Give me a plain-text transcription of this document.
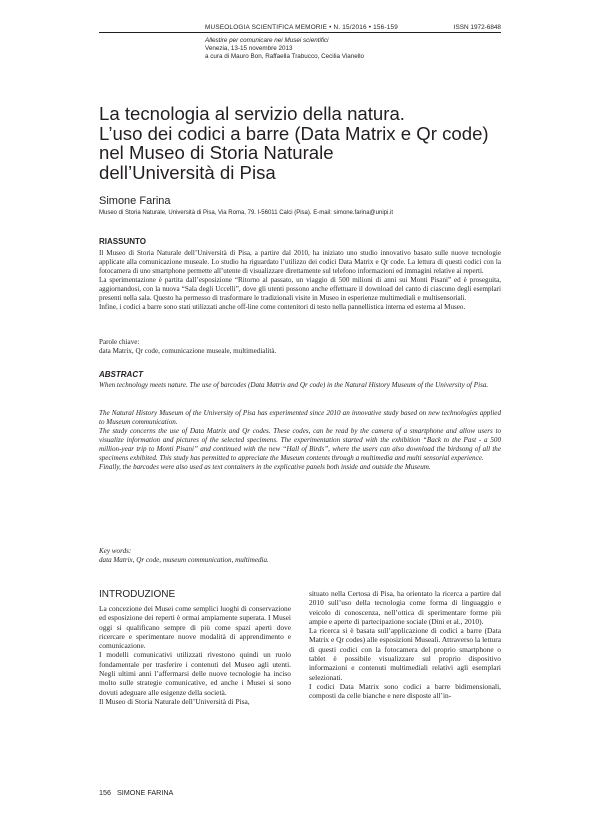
MUSEOLOGIA SCIENTIFICA MEMORIE • N. 15/2016 • 156-159	ISSN 1972-6848
Allestire per comunicare nei Musei scientifici
Venezia, 13-15 novembre 2013
a cura di Mauro Bon, Raffaella Trabucco, Cecilia Vianello
La tecnologia al servizio della natura.
L’uso dei codici a barre (Data Matrix e Qr code)
nel Museo di Storia Naturale
dell’Università di Pisa
Simone Farina
Museo di Storia Naturale, Università di Pisa, Via Roma, 79. I-56011 Calci (Pisa). E-mail: simone.farina@unipi.it
RIASSUNTO

Il Museo di Storia Naturale dell’Università di Pisa, a partire dal 2010, ha iniziato uno studio innovativo basato sulle nuove tecnologie applicate alla comunicazione museale. Lo studio ha riguardato l’utilizzo dei codici Data Matrix e Qr code. La lettura di questi codici con la fotocamera di uno smartphone permette all’utente di visualizzare direttamente sul telefono informazioni ed immagini relative ai reperti.

La sperimentazione è partita dall’esposizione “Ritorno al passato, un viaggio di 500 milioni di anni sui Monti Pisani” ed è proseguita, aggiornandosi, con la nuova “Sala degli Uccelli”, dove gli utenti possono anche effettuare il download del canto di ciascuno degli esemplari presenti nella sala. Questo ha permesso di trasformare le tradizionali visite in Museo in esperienze multimediali e multisensoriali.

Infine, i codici a barre sono stati utilizzati anche off-line come contenitori di testo nella pannellistica interna ed esterna al Museo.

Parole chiave:

data Matrix, Qr code, comunicazione museale, multimedialità.

ABSTRACT

When technology meets nature. The use of barcodes (Data Matrix and Qr code) in the Natural History Museum of the University of Pisa.

The Natural History Museum of the University of Pisa has experimented since 2010 an innovative study based on new technologies applied to Museum communication.

The study concerns the use of Data Matrix and Qr codes. These codes, can be read by the camera of a smartphone and allow users to visualize information and pictures of the selected specimens. The experimentation started with the exhibition “Back to the Past - a 500 million-year trip to Monti Pisani” and continued with the new “Hall of Birds”, where the users can also download the birdsong of all the specimens exhibited. This study has permitted to appreciate the Museum contents through a multimedia and multi sensorial experience.

Finally, the barcodes were also used as text containers in the explicative panels both inside and outside the Museum.

Key words:

data Matrix, Qr code, museum communication, multimedia.

INTRODUZIONE

La concezione dei Musei come semplici luoghi di conservazione ed esposizione dei reperti è ormai ampiamente superata. I Musei oggi si qualificano sempre di più come spazi aperti dove ricercare e sperimentare nuove modalità di apprendimento e comunicazione.

I modelli comunicativi utilizzati rivestono quindi un ruolo fondamentale per trasferire i contenuti del Museo agli utenti. Negli ultimi anni l’affermarsi delle nuove tecnologie ha inciso molto sulle strategie comunicative, ed anche i Musei si sono dovuti adeguare alle esigenze della società.

Il Museo di Storia Naturale dell’Università di Pisa,

situato nella Certosa di Pisa, ha orientato la ricerca a partire dal 2010 sull’uso della tecnologia come forma di linguaggio e veicolo di conoscenza, nell’ottica di sperimentare forme più ampie e aperte di partecipazione sociale (Dini et al., 2010).

La ricerca si è basata sull’applicazione di codici a barre (Data Matrix e Qr codes) alle esposizioni Museali. Attraverso la lettura di questi codici con la fotocamera del proprio smartphone o tablet è possibile visualizzare sul proprio dispositivo informazioni e contenuti multimediali relativi agli esemplari selezionati.

I codici Data Matrix sono codici a barre bidimensionali, composti da celle bianche e nere disposte all’in-

156 SIMONE FARINA
